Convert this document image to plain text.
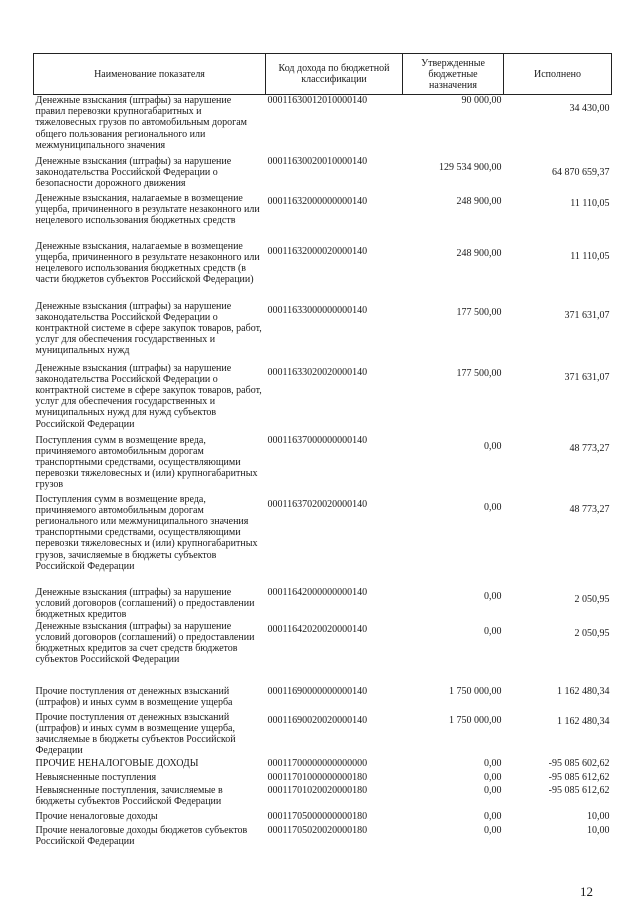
Наименование показателя	Код дохода по бюджетной классификации	Утвержденные бюджетные назначения	Исполнено
Денежные взыскания (штрафы) за нарушение правил перевозки крупногабаритных и тяжеловесных грузов по автомобильным дорогам общего пользования регионального или межмуниципального значения	00011630012010000140	90 000,00	34 430,00
Денежные взыскания (штрафы) за нарушение законодательства Российской Федерации о безопасности дорожного движения	00011630020010000140	129 534 900,00	64 870 659,37
Денежные взыскания, налагаемые в возмещение ущерба, причиненного в результате незаконного или нецелевого использования бюджетных средств	00011632000000000140	248 900,00	11 110,05
Денежные взыскания, налагаемые в возмещение ущерба, причиненного в результате незаконного или нецелевого использования бюджетных средств (в части бюджетов субъектов Российской Федерации)	00011632000020000140	248 900,00	11 110,05
Денежные взыскания (штрафы) за нарушение законодательства Российской Федерации о контрактной системе в сфере закупок товаров, работ, услуг для обеспечения государственных и муниципальных нужд	00011633000000000140	177 500,00	371 631,07
Денежные взыскания (штрафы) за нарушение законодательства Российской Федерации о контрактной системе в сфере закупок товаров, работ, услуг для обеспечения государственных и муниципальных нужд для нужд субъектов Российской Федерации	00011633020020000140	177 500,00	371 631,07
Поступления сумм в возмещение вреда, причиняемого автомобильным дорогам транспортными средствами, осуществляющими перевозки тяжеловесных и (или) крупногабаритных грузов	00011637000000000140	0,00	48 773,27
Поступления сумм в возмещение вреда, причиняемого автомобильным дорогам регионального или межмуниципального значения транспортными средствами, осуществляющими перевозки тяжеловесных и (или) крупногабаритных грузов, зачисляемые в бюджеты субъектов Российской Федерации	00011637020020000140	0,00	48 773,27
Денежные взыскания (штрафы) за нарушение условий договоров (соглашений) о предоставлении бюджетных кредитов	00011642000000000140	0,00	2 050,95
Денежные взыскания (штрафы) за нарушение условий договоров (соглашений) о предоставлении бюджетных кредитов за счет средств бюджетов субъектов Российской Федерации	00011642020020000140	0,00	2 050,95
Прочие поступления от денежных взысканий (штрафов) и иных сумм в возмещение ущерба	00011690000000000140	1 750 000,00	1 162 480,34
Прочие поступления от денежных взысканий (штрафов) и иных сумм в возмещение ущерба, зачисляемые в бюджеты субъектов Российской Федерации	00011690020020000140	1 750 000,00	1 162 480,34
ПРОЧИЕ НЕНАЛОГОВЫЕ ДОХОДЫ	00011700000000000000	0,00	-95 085 602,62
Невыясненные поступления	00011701000000000180	0,00	-95 085 612,62
Невыясненные поступления, зачисляемые в бюджеты субъектов Российской Федерации	00011701020020000180	0,00	-95 085 612,62
Прочие неналоговые доходы	00011705000000000180	0,00	10,00
Прочие неналоговые доходы бюджетов субъектов Российской Федерации	00011705020020000180	0,00	10,00
12
